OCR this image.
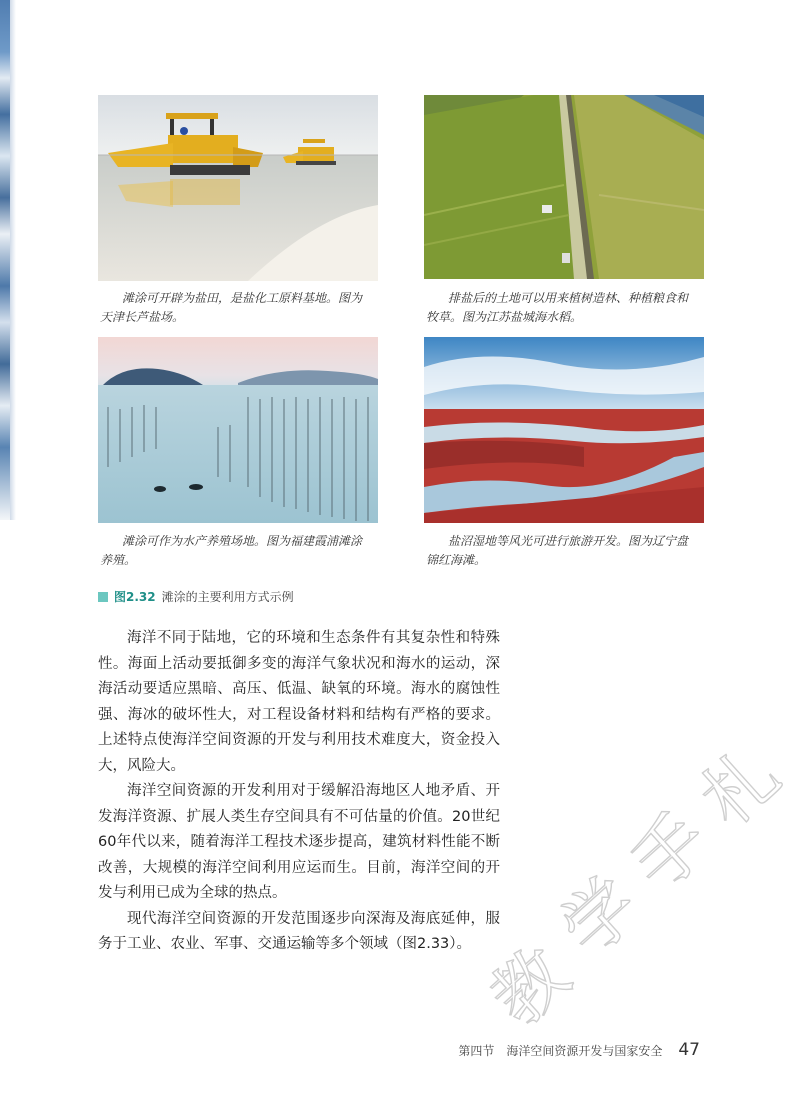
滩涂可开辟为盐田，是盐化工原料基地。图为天津长芦盐场。
排盐后的土地可以用来植树造林、种植粮食和牧草。图为江苏盐城海水稻。
滩涂可作为水产养殖场地。图为福建霞浦滩涂养殖。
盐沼湿地等风光可进行旅游开发。图为辽宁盘锦红海滩。
图2.32 滩涂的主要利用方式示例

海洋不同于陆地，它的环境和生态条件有其复杂性和特殊性。海面上活动要抵御多变的海洋气象状况和海水的运动，深海活动要适应黑暗、高压、低温、缺氧的环境。海水的腐蚀性强、海冰的破坏性大，对工程设备材料和结构有严格的要求。上述特点使海洋空间资源的开发与利用技术难度大，资金投入大，风险大。

海洋空间资源的开发利用对于缓解沿海地区人地矛盾、开发海洋资源、扩展人类生存空间具有不可估量的价值。20世纪60年代以来，随着海洋工程技术逐步提高，建筑材料性能不断改善，大规模的海洋空间利用应运而生。目前，海洋空间的开发与利用已成为全球的热点。

现代海洋空间资源的开发范围逐步向深海及海底延伸，服务于工业、农业、军事、交通运输等多个领域（图2.33）。 教
学
手
札
第四节 海洋空间资源开发与国家安全 47
